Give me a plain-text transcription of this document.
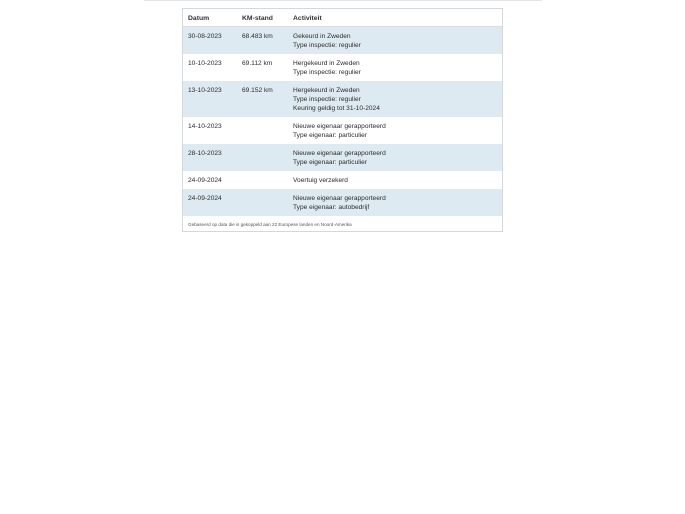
Datum	KM-stand	Activiteit
30-08-2023	68.483 km	Gekeurd in Zweden
Type inspectie: regulier

10-10-2023	69.112 km	Hergekeurd in Zweden
Type inspectie: regulier

13-10-2023	69.152 km	Hergekeurd in Zweden
Type inspectie: regulier
Keuring geldig tot 31-10-2024

14-10-2023		Nieuwe eigenaar gerapporteerd
Type eigenaar: particulier

28-10-2023		Nieuwe eigenaar gerapporteerd
Type eigenaar: particulier

24-09-2024		Voertuig verzekerd

24-09-2024		Nieuwe eigenaar gerapporteerd
Type eigenaar: autobedrijf
Gebaseerd op data die is gekoppeld aan 22 Europese landen en Noord-Amerika
